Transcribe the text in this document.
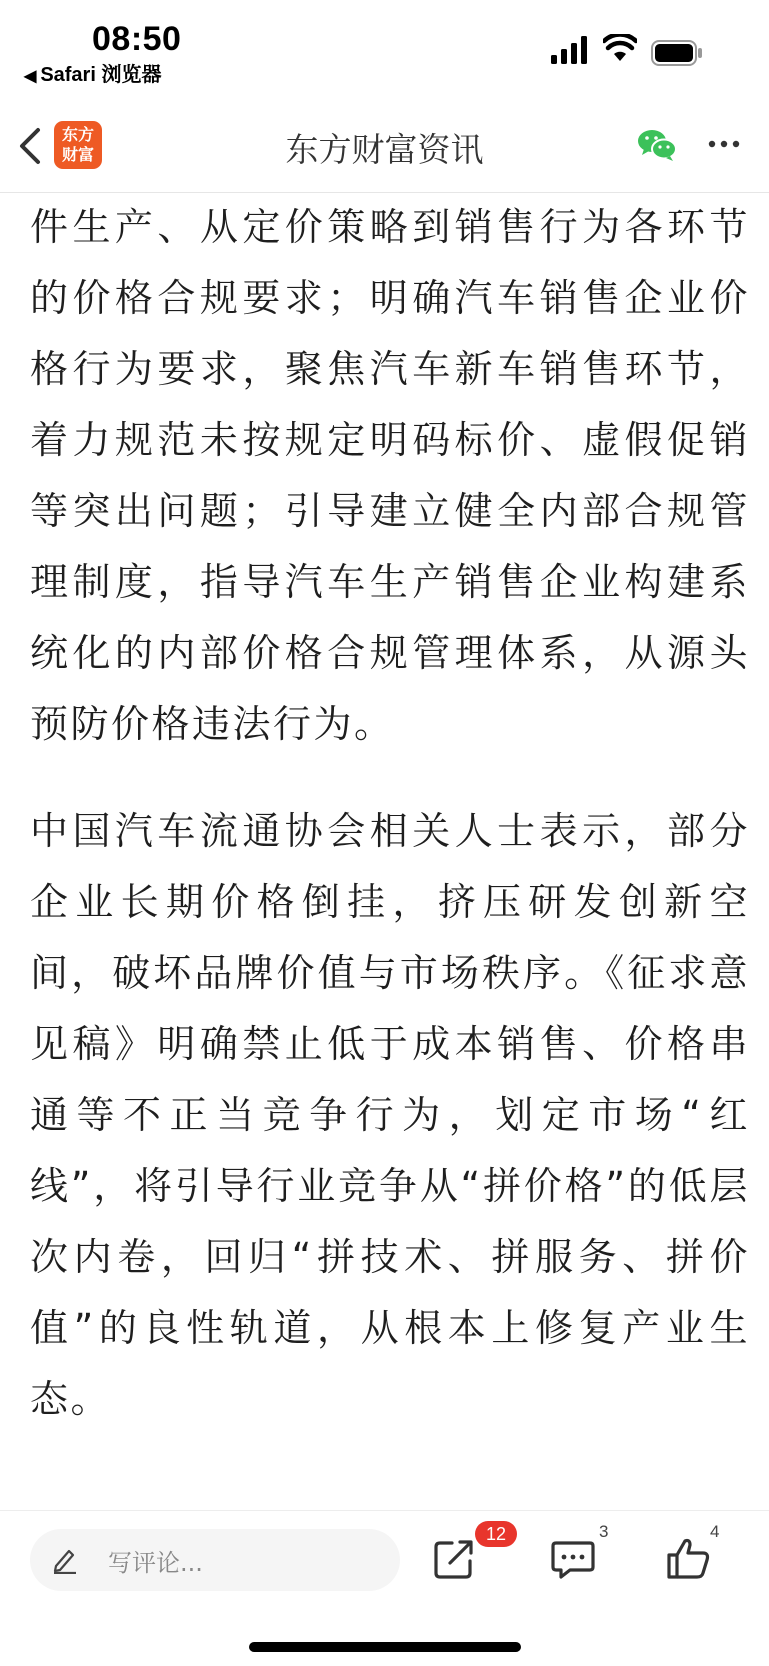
08:50
◀ Safari 浏览器
东方
财富	东方财富资讯

件生产、从定价策略到销售行为各环节的价格合规要求；明确汽车销售企业价格行为要求，聚焦汽车新车销售环节，着力规范未按规定明码标价、虚假促销等突出问题；引导建立健全内部合规管理制度，指导汽车生产销售企业构建系统化的内部价格合规管理体系，从源头预防价格违法行为。

中国汽车流通协会相关人士表示，部分企业长期价格倒挂，挤压研发创新空间，破坏品牌价值与市场秩序。《征求意见稿》明确禁止低于成本销售、价格串通等不正当竞争行为，划定市场“红线”，将引导行业竞争从“拼价格”的低层次内卷，回归“拼技术、拼服务、拼价值”的良性轨道，从根本上修复产业生态。

写评论...
12	3	4
